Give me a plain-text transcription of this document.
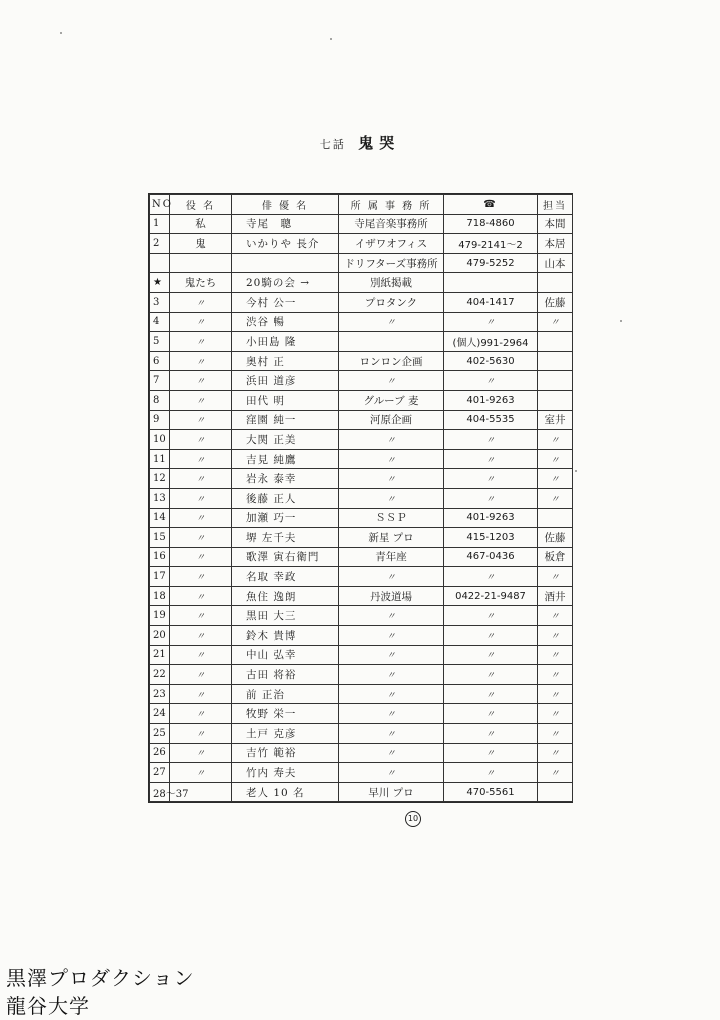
七話 鬼哭
NO	役 名	俳 優 名	所 属 事 務 所	☎	担当
1	私	寺尾　聰	寺尾音楽事務所	718-4860	本間
2	鬼	いかりや 長介	イザワオフィス	479-2141～2	本居
			ドリフターズ事務所	479-5252	山本
★	鬼たち	20騎の会 →	別紙掲載		
3	〃	今村 公一	プロタンク	404-1417	佐藤
4	〃	渋谷 暢	〃	〃	〃
5	〃	小田島 隆		(個人)991-2964	
6	〃	奥村 正	ロンロン企画	402-5630	
7	〃	浜田 道彦	〃	〃	
8	〃	田代 明	グルーブ 麦	401-9263	
9	〃	窪園 純一	河原企画	404-5535	室井
10	〃	大関 正美	〃	〃	〃
11	〃	吉見 純鷹	〃	〃	〃
12	〃	岩永 泰幸	〃	〃	〃
13	〃	後藤 正人	〃	〃	〃
14	〃	加瀬 巧一	ＳＳＰ	401-9263	
15	〃	堺 左千夫	新星 プロ	415-1203	佐藤
16	〃	歌澤 寅右衛門	青年座	467-0436	板倉
17	〃	名取 幸政	〃	〃	〃
18	〃	魚住 逸朗	丹波道場	0422-21-9487	酒井
19	〃	黒田 大三	〃	〃	〃
20	〃	鈴木 貴博	〃	〃	〃
21	〃	中山 弘幸	〃	〃	〃
22	〃	古田 将裕	〃	〃	〃
23	〃	前 正治	〃	〃	〃
24	〃	牧野 栄一	〃	〃	〃
25	〃	土戸 克彦	〃	〃	〃
26	〃	吉竹 範裕	〃	〃	〃
27	〃	竹内 寿夫	〃	〃	〃
28～37		老人 10 名	早川 プロ	470-5561	
10
黒澤プロダクション
龍谷大学
